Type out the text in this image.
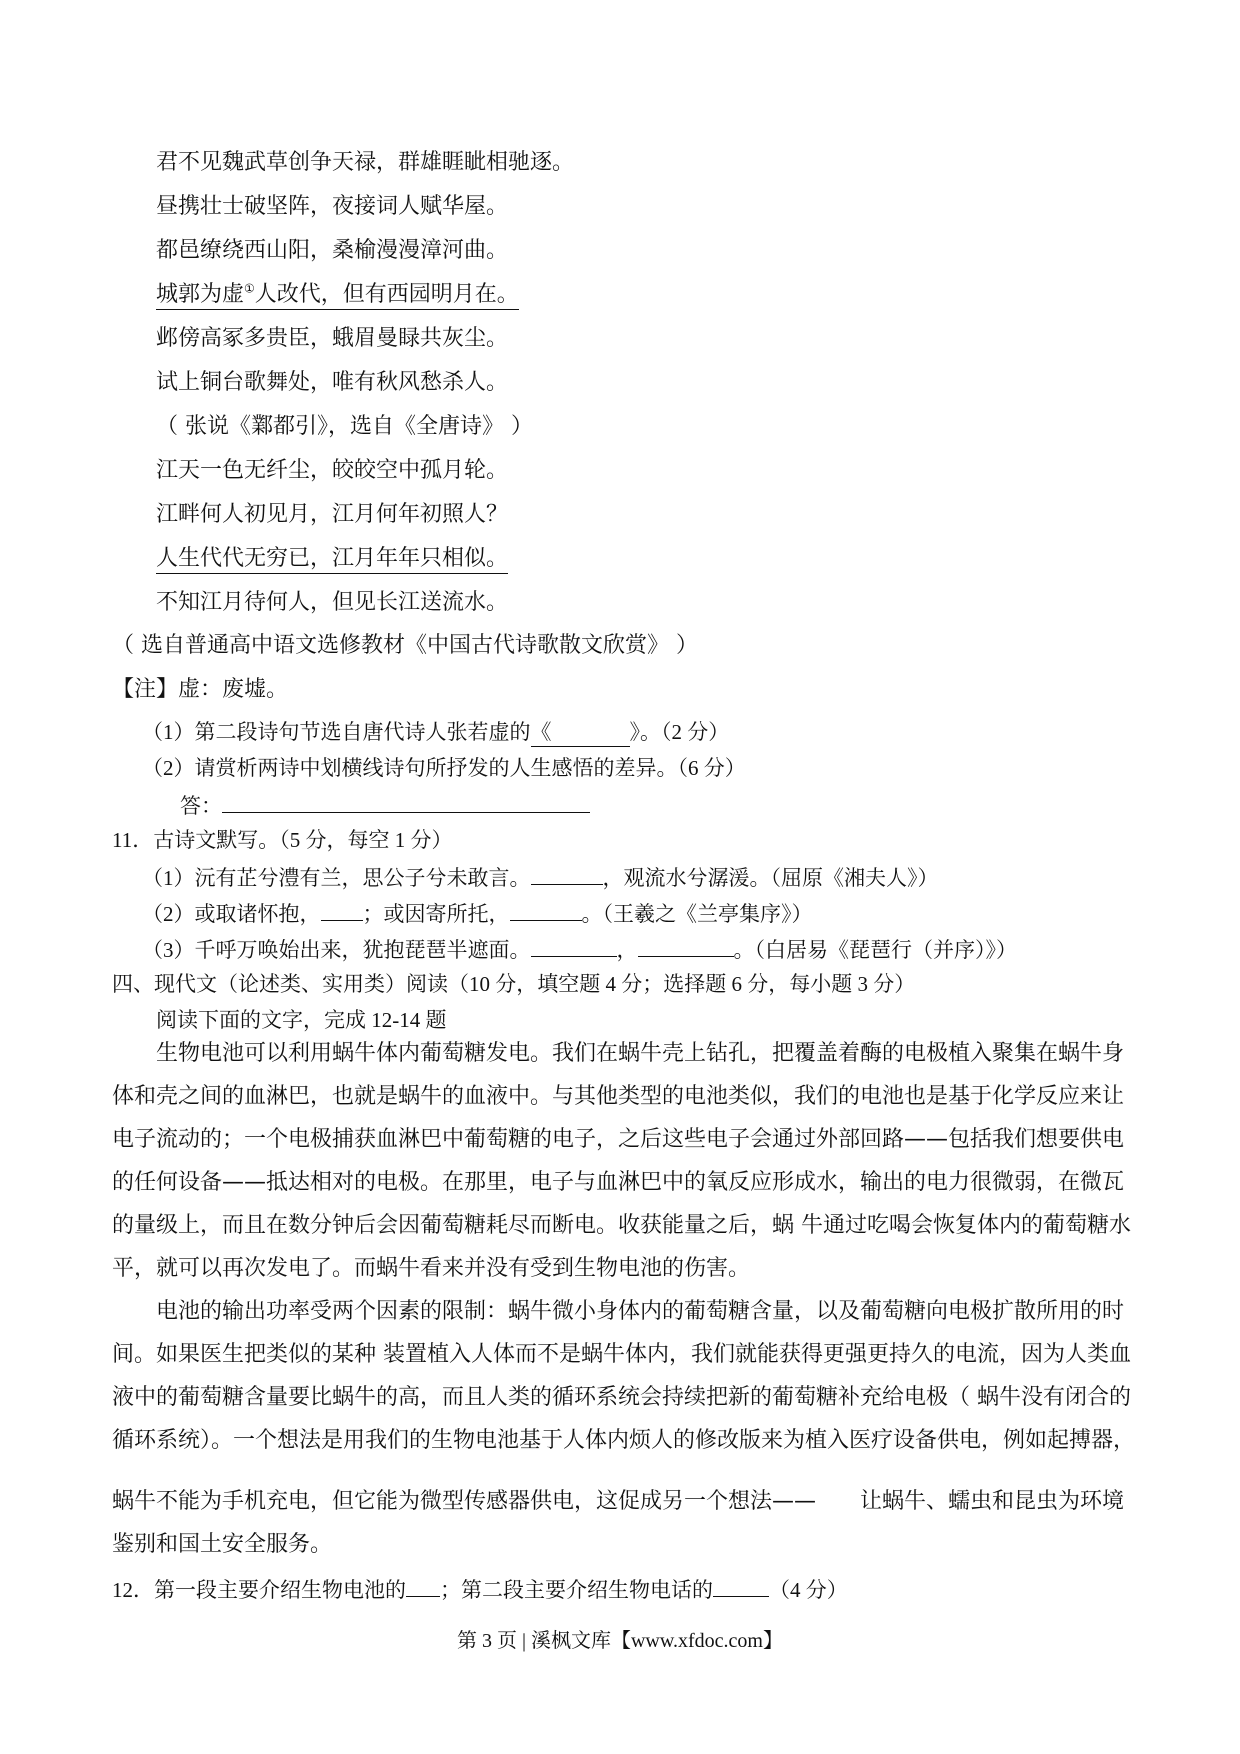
君不见魏武草创争天禄，群雄睚眦相驰逐。
昼携壮士破坚阵，夜接词人赋华屋。
都邑缭绕西山阳，桑榆漫漫漳河曲。
城郭为虚①人改代，但有西园明月在。
邺傍高冢多贵臣，蛾眉曼睩共灰尘。
试上铜台歌舞处，唯有秋风愁杀人。
（ 张说《鄴都引》，选自《全唐诗》 ）
江天一色无纤尘，皎皎空中孤月轮。
江畔何人初见月，江月何年初照人？
人生代代无穷已，江月年年只相似。
不知江月待何人，但见长江送流水。
（ 选自普通高中语文选修教材《中国古代诗歌散文欣赏》 ）
【注】虚：废墟。
（1）第二段诗句节选自唐代诗人张若虚的《	》。（2 分）
（2）请赏析两诗中划横线诗句所抒发的人生感悟的差异。（6 分）
答：
11．古诗文默写。（5 分，每空 1 分）
（1）沅有芷兮澧有兰，思公子兮未敢言。	，观流水兮潺湲。（屈原《湘夫人》）
（2）或取诸怀抱， ；或因寄所托，	。（王羲之《兰亭集序》）
（3）千呼万唤始出来，犹抱琵琶半遮面。	，	。（白居易《琵琶行（并序）》）
四、现代文（论述类、实用类）阅读（10 分，填空题 4 分；选择题 6 分，每小题 3 分）
阅读下面的文字，完成 12-14 题
生物电池可以利用蜗牛体内葡萄糖发电。我们在蜗牛壳上钻孔，把覆盖着酶的电极植入聚集在蜗牛身
体和壳之间的血淋巴，也就是蜗牛的血液中。与其他类型的电池类似，我们的电池也是基于化学反应来让
电子流动的；一个电极捕获血淋巴中葡萄糖的电子，之后这些电子会通过外部回路——包括我们想要供电
的任何设备——抵达相对的电极。在那里，电子与血淋巴中的氧反应形成水，输出的电力很微弱，在微瓦
的量级上，而且在数分钟后会因葡萄糖耗尽而断电。收获能量之后，蜗 牛通过吃喝会恢复体内的葡萄糖水
平，就可以再次发电了。而蜗牛看来并没有受到生物电池的伤害。
电池的输出功率受两个因素的限制：蜗牛微小身体内的葡萄糖含量，以及葡萄糖向电极扩散所用的时
间。如果医生把类似的某种 装置植入人体而不是蜗牛体内，我们就能获得更强更持久的电流，因为人类血
液中的葡萄糖含量要比蜗牛的高，而且人类的循环系统会持续把新的葡萄糖补充给电极（ 蜗牛没有闭合的
循环系统）。一个想法是用我们的生物电池基于人体内烦人的修改版来为植入医疗设备供电，例如起搏器，
蜗牛不能为手机充电，但它能为微型传感器供电，这促成另一个想法——　　让蜗牛、蠕虫和昆虫为环境
鉴别和国土安全服务。
12．第一段主要介绍生物电池的 ；第二段主要介绍生物电话的	（4 分）
第 3 页 | 溪枫文库【www.xfdoc.com】
